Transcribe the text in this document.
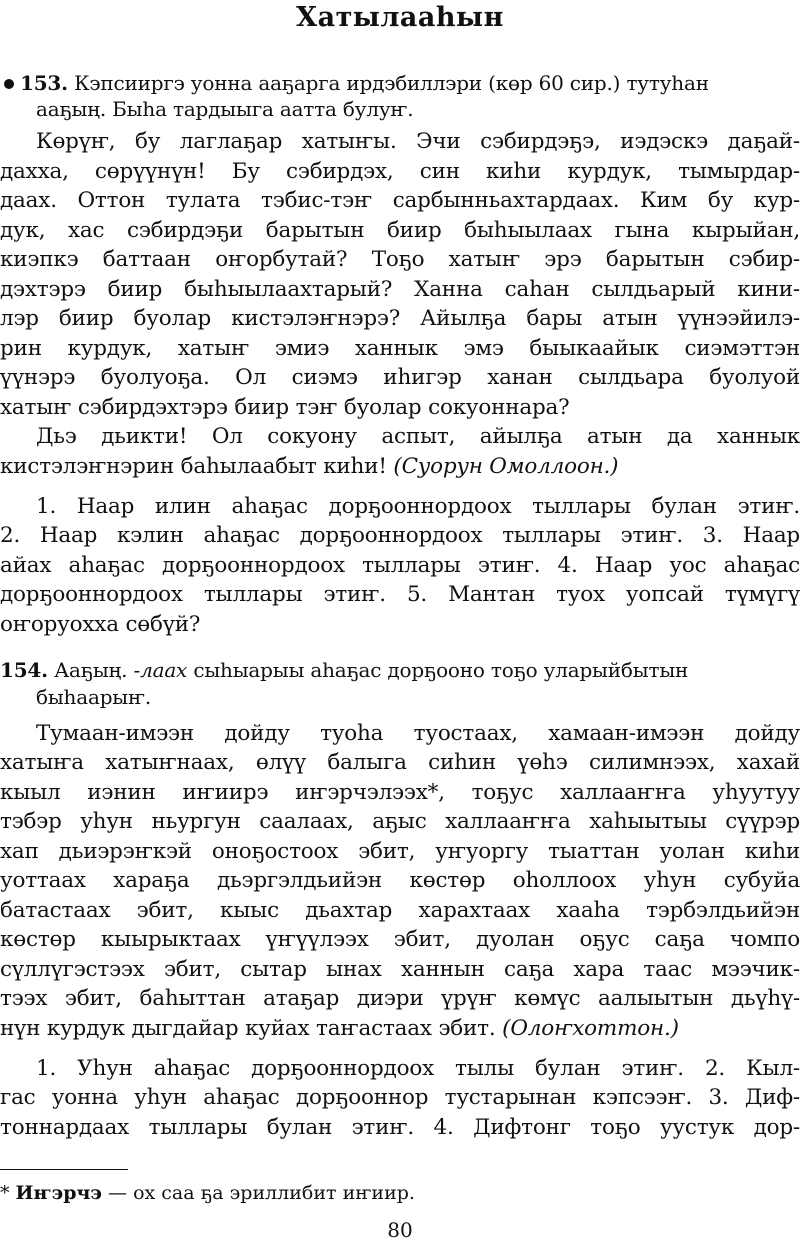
Хатылааhын
153. Кэпсииргэ уонна ааҕарга ирдэбиллэри (көр 60 сир.) тутуhан
ааҕың. Быhа тардыыга аатта булуҥ.
Көрүҥ, бу лаглаҕар хатыҥы. Эчи сэбирдэҕэ, иэдэскэ даҕай-
дахха, сөрүүнүн! Бу сэбирдэх, син киhи курдук, тымырдар-
даах. Оттон тулата тэбис-тэҥ сарбынньахтардаах. Ким бу кур-
дук, хас сэбирдэҕи барытын биир быhыылаах гына кырыйан,
киэпкэ баттаан оҥорбутай? Тоҕо хатыҥ эрэ барытын сэбир-
дэхтэрэ биир быhыылаахтарый? Ханна саhан сылдьарый кини-
лэр биир буолар кистэлэҥнэрэ? Айылҕа бары атын үүнээйилэ-
рин курдук, хатыҥ эмиэ ханнык эмэ быыкаайык сиэмэттэн
үүнэрэ буолуоҕа. Ол сиэмэ иhигэр ханан сылдьара буолуой
хатыҥ сэбирдэхтэрэ биир тэҥ буолар сокуоннара?
Дьэ дьикти! Ол сокуону аспыт, айылҕа атын да ханнык
кистэлэҥнэрин баhылаабыт киhи! (Суорун Омоллоон.)
1. Наар илин аhаҕас дорҕооннордоох тыллары булан этиҥ.
2. Наар кэлин аhаҕас дорҕооннордоох тыллары этиҥ. 3. Наар
айах аhаҕас дорҕооннордоох тыллары этиҥ. 4. Наар уос аhаҕас
дорҕооннордоох тыллары этиҥ. 5. Мантан туох уопсай түмүгү
оҥоруохха сөбүй?
154. Ааҕың. -лаах сыhыарыы аhаҕас дорҕооно тоҕо уларыйбытын
быhаарыҥ.
Тумаан-имээн дойду туоhа туостаах, хамаан-имээн дойду
хатыҥа хатыҥнаах, өлүү балыга сиhин үөhэ силимнээх, хахай
кыыл иэнин иҥиирэ иҥэрчэлээх*, тоҕус халлааҥҥа уhуутуу
тэбэр уhун ньургун саалаах, аҕыс халлааҥҥа хаhыытыы сүүрэр
хап дьиэрэҥкэй оноҕостоох эбит, уҥуоргу тыаттан уолан киhи
уоттаах хараҕа дьэргэлдьийэн көстөр оhоллоох уhун субуйа
батастаах эбит, кыыс дьахтар харахтаах хааhа тэрбэлдьийэн
көстөр кыырыктаах үҥүүлээх эбит, дуолан оҕус саҕа чомпо
сүллүгэстээх эбит, сытар ынах ханнын саҕа хара таас мээчик-
тээх эбит, баhыттан атаҕар диэри үрүҥ көмүс аалыытын дьүhү-
нүн курдук дыгдайар куйах таҥастаах эбит. (Олоҥхоттон.)
1. Уhун аhаҕас дорҕооннордоох тылы булан этиҥ. 2. Кыл-
гас уонна уhун аhаҕас дорҕооннор тустарынан кэпсээҥ. 3. Диф-
тоннардаах тыллары булан этиҥ. 4. Дифтонг тоҕо уустук дор-
* Иҥэрчэ — ох саа ҕа эриллибит иҥиир.
80
